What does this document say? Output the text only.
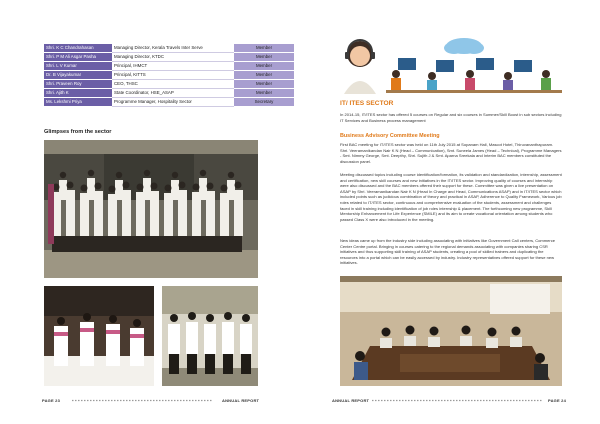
Shri. K C Chandrahasan	Managing Director, Kerala Travels Inter Serve	Member
Shri. P M Ali Asgar Pasha	Managing Director, KTDC	Member
Shri. L V Kumar	Principal, IHMCT	Member
Dr. B Vijayakumar	Principal, KITTS	Member
Shri. Praveen Roy	CEO, THSC	Member
Shri. Ajith K	State Coordinator, HSE_ASAP	Member
Ms. Lekshmi Priya	Programme Manager, Hospitality Sector	Secretary
Glimpses from the sector
PAGE 23	ANNUAL REPORT
IT/ ITES SECTOR
In 2014-15, IT/ITES sector has offered 5 courses on Regular and six courses in Summer/Skill Boost in sub sectors including IT Services and Business process management
Business Advisory Committee Meeting
First BAC meeting for IT/ITES sector was held on 11th July 2015 at Sopanam Hall, Mascot Hotel, Thiruvananthapuram. Shri. Veeramanikandan Nair K N (Head – Communication), Smt. Suneela James (Head – Technical), Programme Managers - Smt. Nimmy George, Smt. Deepthy, Shri. Sujith J & Smt. Aparna Sreekala and Interim BAC members constituted the discussion panel.
Meeting discussed topics including course identification/formation, its validation and standardization, internship, assessment and certification, new skill courses and new initiatives in the IT/ITES sector. Improving quality of courses and internship were also discussed and the BAC members offered their support for these. Committee was given a live presentation on ASAP by Shri. Veeramanikandan Nair K N (Head In Charge and Head, Communications ASAP) and in IT/ITES sector which included points such as judicious combination of theory and practical in ASAP, Adherence to Quality Framework, Various job roles related to IT/ITES sector, continuous and comprehensive evaluation of the students, assessment and challenges faced in skill training including identification of job roles internship & placement. The forthcoming new programme, Skill Mentorship Enhancement for Life Experience (SMILE) and its aim to create vocational orientation among students who passed Class X were also introduced in the meeting.
New ideas came up from the industry side including associating with initiatives like Government Call centers, Commerce Center Centre portal. Bringing in courses catering to the regional demands associating with companies sharing CSR initiatives and thus supporting skill training of ASAP students, creating a pool of skilled trainers and duplicating the resources into a portal which can be easily accessed by industry. Industry representatives offered support for these new initiatives.
ANNUAL REPORT	PAGE 24
